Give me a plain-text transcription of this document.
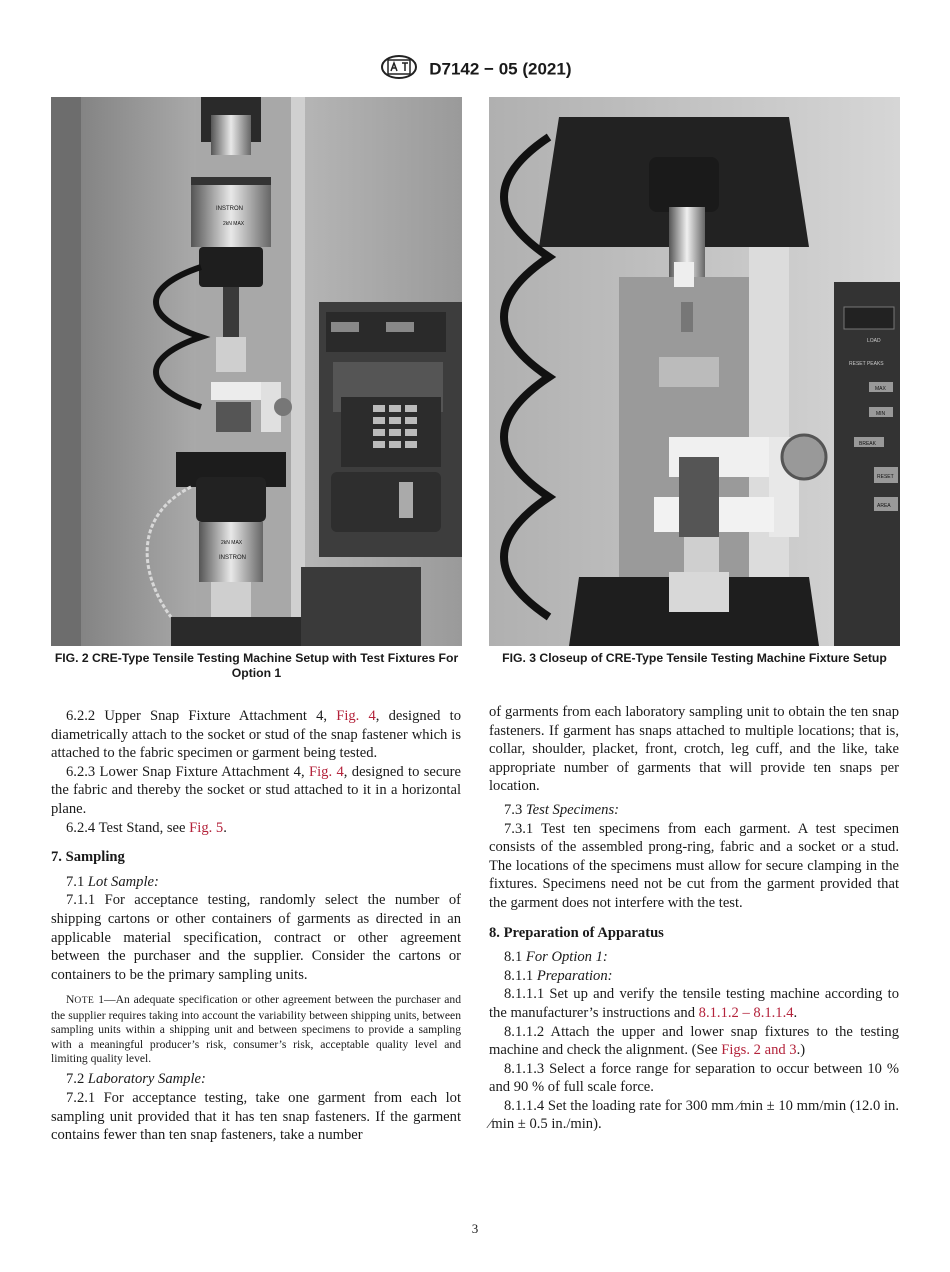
D7142 − 05 (2021)
INSTRON
2kN MAX
2kN MAX
INSTRON
LOAD
RESET PEAKS
MAX
MIN
BREAK
RESET
AREA
FIG. 2 CRE-Type Tensile Testing Machine Setup with Test Fixtures For Option 1
FIG. 3 Closeup of CRE-Type Tensile Testing Machine Fixture Setup

6.2.2 Upper Snap Fixture Attachment 4, Fig. 4, designed to diametrically attach to the socket or stud of the snap fastener which is attached to the fabric specimen or garment being tested.

6.2.3 Lower Snap Fixture Attachment 4, Fig. 4, designed to secure the fabric and thereby the socket or stud attached to it in a horizontal plane.

6.2.4 Test Stand, see Fig. 5.

7. Sampling

7.1 Lot Sample:

7.1.1 For acceptance testing, randomly select the number of shipping cartons or other containers of garments as directed in an applicable material specification, contract or other agreement between the purchaser and the supplier. Consider the cartons or containers to be the primary sampling units.

NOTE 1—An adequate specification or other agreement between the purchaser and the supplier requires taking into account the variability between shipping units, between sampling units within a shipping unit and between specimens to provide a sampling with a meaningful producer’s risk, consumer’s risk, acceptable quality level and limiting quality level.

7.2 Laboratory Sample:

7.2.1 For acceptance testing, take one garment from each lot sampling unit provided that it has ten snap fasteners. If the garment contains fewer than ten snap fasteners, take a number

of garments from each laboratory sampling unit to obtain the ten snap fasteners. If garment has snaps attached to multiple locations; that is, collar, shoulder, placket, front, crotch, leg cuff, and the like, take appropriate number of garments that will provide ten snaps per location.

7.3 Test Specimens:

7.3.1 Test ten specimens from each garment. A test specimen consists of the assembled prong-ring, fabric and a socket or a stud. The locations of the specimens must allow for secure clamping in the fixtures. Specimens need not be cut from the garment provided that the garment does not interfere with the test.

8. Preparation of Apparatus

8.1 For Option 1:

8.1.1 Preparation:

8.1.1.1 Set up and verify the tensile testing machine according to the manufacturer’s instructions and 8.1.1.2 – 8.1.1.4.

8.1.1.2 Attach the upper and lower snap fixtures to the testing machine and check the alignment. (See Figs. 2 and 3.)

8.1.1.3 Select a force range for separation to occur between 10 % and 90 % of full scale force.

8.1.1.4 Set the loading rate for 300 mm ⁄min ± 10 mm/min (12.0 in. ⁄min ± 0.5 in./min).

3
